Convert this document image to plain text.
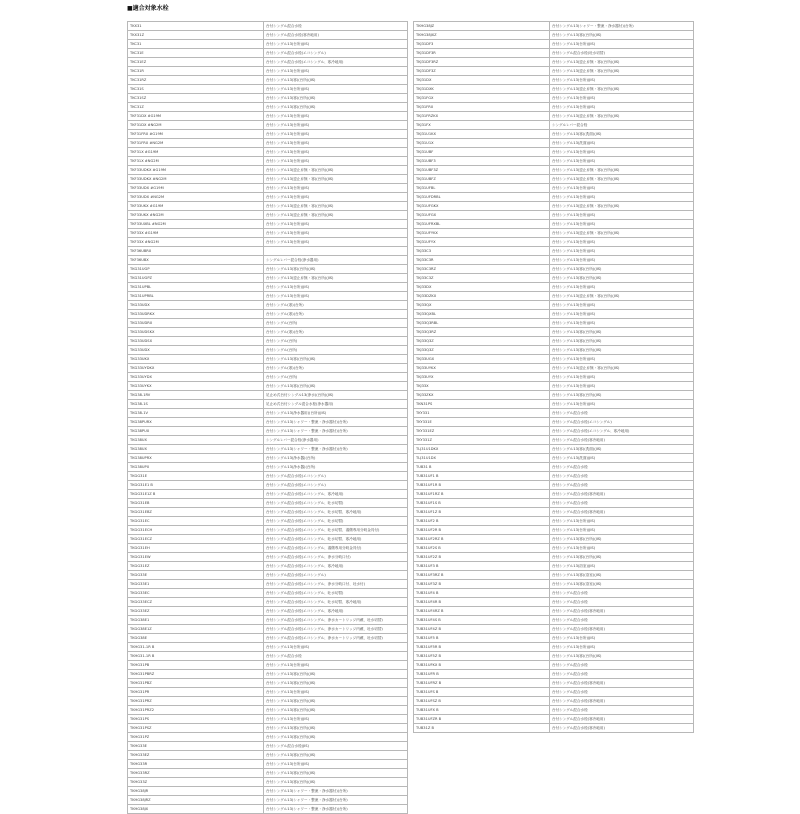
■適合対象水栓
TKX31	台付シングル混合水栓
TKX31Z	台付シングル混合水栓(寒冷地用)
TKC31	台付シングル13(台所)(JIS)
TKC31E	台付シングル混合水栓(エコシングル)
TKC31EZ	台付シングル混合水栓(エコシングル、寒冷地用)
TKC31R	台付シングル13(台所)(JIS)
TKC31RZ	台付シングル13(寒)(台所)(JIS)
TKC31S	台付シングル13(台所)(JIS)
TKC31SZ	台付シングル13(寒)(台所)(JIS)
TKC31Z	台付シングル13(寒)(台所)(JIS)
TKF31DX #G19M	台付シングル13(台所)(JIS)
TKF31DX #NG2M	台付シングル13(台所)(JIS)
TKF31FRX #G19M	台付シングル13(台所)(JIS)
TKF31FRX #NG2M	台付シングル13(台所)(JIS)
TKF31X #G19M	台付シングル13(台所)(JIS)
TKF31X #NG2M	台付シングル13(台所)(JIS)
TKF33UDKX #G19M	台付シングル13(逆止弁無・寒)(台所)(JIS)
TKF33UDKX #NG2M	台付シングル13(逆止弁無・寒)(台所)(JIS)
TKF33UDX #G19M	台付シングル13(台所)(JIS)
TKF33UDX #NG2M	台付シングル13(台所)(JIS)
TKF33UKX #G19M	台付シングル13(逆止弁無・寒)(台所)(JIS)
TKF33UKX #NG2M	台付シングル13(逆止弁無・寒)(台所)(JIS)
TKF33UXBL #NG2M	台付シングル13(台所)(JIS)
TKF33X #G19M	台付シングル13(台所)(JIS)
TKF33X #NG2M	台付シングル13(台所)(JIS)
TKF36UBRX	
TKF36UBX	シングルレバー混合栓(浄水器用)
TKG31UGP	台付シングル13(寒)(台所)(JIS)
TKG31UGPZ	台付シングル13(逆止弁無・寒)(台所)(JIS)
TKG31UPBL	台付シングル13(台所)(JIS)
TKG31UPRBL	台付シングル13(台所)(JIS)
TKG33UDX	台付シングル(寒)(台所)
TKG33UDRKX	台付シングル(寒)(台所)
TKG33UDRX	台付シングル(台所)
TKG33UDSKX	台付シングル(寒)(台所)
TKG33UDSX	台付シングル(台所)
TKG33UDX	台付シングル(台所)
TKG33UKX	台付シングル13(寒)(台所)(JIS)
TKG33UYDKX	台付シングル(寒)(台所)
TKG33UYDX	台付シングル(台所)
TKG33UYKX	台付シングル13(寒)(台所)(JIS)
TKG38-1RV	足止め式台付シングル13(浄水)(台所)(JIS)
TKG38-1S	足止め式台付シングル混合水栓(浄水器用)
TKG38-1V	台付シングル13(浄水器用)(台所)(JIS)
TKG38PURX	台付シングル13(シャワー・整流・浄水器付)(台所)
TKG38PUX	台付シングル13(シャワー・整流・浄水器付)(台所)
TKG38UX	シングルレバー混合栓(浄水器用)
TKG38UX	台付シングル13(シャワー・整流・浄水器付)(台所)
TKG38UPRX	台付シングル13(浄水器)(台所)
TKG38UPX	台付シングル13(浄水器)(台所)
TKGG31E	台付シングル混合水栓(エコシングル)
TKGG31E1 B	台付シングル混合水栓(エコシングル)
TKGG31E1Z B	台付シングル混合水栓(エコシングル、寒冷地用)
TKGG31EB	台付シングル混合水栓(エコシングル、吐水切替)
TKGG31EBZ	台付シングル混合水栓(エコシングル、吐水切替、寒冷地用)
TKGG31EC	台付シングル混合水栓(エコシングル、吐水切替)
TKGG31ECH	台付シングル混合水栓(エコシングル、吐水切替、湯側専用分岐金具付)
TKGG31ECZ	台付シングル混合水栓(エコシングル、吐水切替、寒冷地用)
TKGG31EH	台付シングル混合水栓(エコシングル、湯側専用分岐金具付)
TKGG31EW	台付シングル混合水栓(エコシングル、浄水分岐口付)
TKGG31EZ	台付シングル混合水栓(エコシングル、寒冷地用)
TKGG33E	台付シングル混合水栓(エコシングル)
TKGG33E1	台付シングル混合水栓(エコシングル、浄水分岐口付、吐水付)
TKGG33EC	台付シングル混合水栓(エコシングル、吐水切替)
TKGG33ECZ	台付シングル混合水栓(エコシングル、吐水切替、寒冷地用)
TKGG33EZ	台付シングル混合水栓(エコシングル、寒冷地用)
TKGG38E1	台付シングル混合水栓(エコシングル、浄水カートリッジ内蔵、吐水切替)
TKGG38E1Z	台付シングル混合水栓(エコシングル、浄水カートリッジ内蔵、吐水切替)
TKGG38E	台付シングル混合水栓(エコシングル、浄水カートリッジ内蔵、吐水切替)
TKHG31-1R B	台付シングル13(台所)(JIS)
TKHG31-1R B	台付シングル混合水栓
TKHG31PB	台付シングル13(台所)(JIS)
TKHG31PBRZ	台付シングル13(寒)(台所)(JIS)
TKHG31PBZ	台付シングル13(寒)(台所)(JIS)
TKHG31PR	台付シングル13(台所)(JIS)
TKHG31PRZ	台付シングル13(寒)(台所)(JIS)
TKHG31PRZ2	台付シングル13(寒)(台所)(JIS)
TKHG31PS	台付シングル13(台所)(JIS)
TKHG31PSZ	台付シングル13(寒)(台所)(JIS)
TKHG31PZ	台付シングル13(寒)(台所)(JIS)
TKHG33E	台付シングル混合水栓(JIS)
TKHG33EZ	台付シングル13(寒)(台所)(JIS)
TKHG33R	台付シングル13(台所)(JIS)
TKHG33RZ	台付シングル13(寒)(台所)(JIS)
TKHG33Z	台付シングル13(寒)(台所)(JIS)
TKHG38JR	台付シングル13(シャワー・整流・浄水器付)(台所)
TKHG38JRZ	台付シングル13(シャワー・整流・浄水器付)(台所)
TKHG38JX	台付シングル13(シャワー・整流・浄水器付)(台所)
TKHG38JZ	台付シングル13(シャワー・整流・浄水器付)(台所)
TKHG38JXZ	台付シングル13(寒)(台所)(JIS)
TKJ31DF3	台付シングル13(台所)(JIS)
TKJ31DF3R	台付シングル混合水栓(吐水切替)
TKJ31DF3RZ	台付シングル13(逆止弁無・寒)(台所)(JIS)
TKJ31DF3Z	台付シングル13(逆止弁無・寒)(台所)(JIS)
TKJ31DX	台付シングル13(台所)(JIS)
TKJ31DXK	台付シングル13(逆止弁無・寒)(台所)(JIS)
TKJ31FGX	台付シングル13(台所)(JIS)
TKJ31FRX	台付シングル13(台所)(JIS)
TKJ31FRZKX	台付シングル13(逆止弁無・寒)(台所)(JIS)
TKJ31FX	シングルレバー混合栓
TKJ31U1KX	台付シングル13(寒)(洗面)(JIS)
TKJ31U1X	台付シングル13(洗面)(JIS)
TKJ31UBF	台付シングル13(台所)(JIS)
TKJ31UBF3	台付シングル13(台所)(JIS)
TKJ31UBF3Z	台付シングル13(逆止弁無・寒)(台所)(JIS)
TKJ31UBFZ	台付シングル13(逆止弁無・寒)(台所)(JIS)
TKJ31UFBL	台付シングル13(台所)(JIS)
TKJ31UFDRBL	台付シングル13(台所)(JIS)
TKJ31UFGKX	台付シングル13(逆止弁無・寒)(台所)(JIS)
TKJ31UFGX	台付シングル13(台所)(JIS)
TKJ31UFRXBL	台付シングル13(台所)(JIS)
TKJ31UFYKX	台付シングル13(逆止弁無・寒)(台所)(JIS)
TKJ31UFYX	台付シングル13(台所)(JIS)
TKJ33C3	台付シングル13(台所)(JIS)
TKJ33C3R	台付シングル13(台所)(JIS)
TKJ33C3RZ	台付シングル13(寒)(台所)(JIS)
TKJ33C3Z	台付シングル13(寒)(台所)(JIS)
TKJ33DX	台付シングル13(台所)(JIS)
TKJ33DZKX	台付シングル13(逆止弁無・寒)(台所)(JIS)
TKJ33QX	台付シングル13(台所)(JIS)
TKJ33QXBL	台付シングル13(台所)(JIS)
TKJ33Q3RBL	台付シングル13(台所)(JIS)
TKJ33Q3RZ	台付シングル13(寒)(台所)(JIS)
TKJ33Q3Z	台付シングル13(寒)(台所)(JIS)
TKJ33Q3Z	台付シングル13(寒)(台所)(JIS)
TKJ33UGX	台付シングル13(台所)(JIS)
TKJ33UYKX	台付シングル13(逆止弁無・寒)(台所)(JIS)
TKJ33UYX	台付シングル13(台所)(JIS)
TKJ33X	台付シングル13(台所)(JIS)
TKJ33ZKX	台付シングル13(寒)(台所)(JIS)
TKN31PS	台付シングル13(台所)(JIS)
TKY331	台付シングル混合水栓
TKY331E	台付シングル混合水栓(エコシングル)
TKY331EZ	台付シングル混合水栓(エコシングル、寒冷地用)
TKY331Z	台付シングル混合水栓(寒冷地用)
TLJ31U1DKX	台付シングル13(寒)(洗面)(JIS)
TLJ31U1DX	台付シングル13(洗面)(JIS)
TUB31 B	台付シングル混合水栓
TUB31UF1 B	台付シングル混合水栓
TUB31UF1R B	台付シングル混合水栓
TUB31UF1RZ B	台付シングル混合水栓(寒冷地用)
TUB31UF1S B	台付シングル混合水栓
TUB31UF1Z B	台付シングル混合水栓(寒冷地用)
TUB31UF2 B	台付シングル13(台所)(JIS)
TUB31UF2R B	台付シングル13(台所)(JIS)
TUB31UF2RZ B	台付シングル13(寒)(台所)(JIS)
TUB31UF2S B	台付シングル13(台所)(JIS)
TUB31UF2Z B	台付シングル13(寒)(台所)(JIS)
TUB31UF3 B	台付シングル13(浴室)(JIS)
TUB31UF3RZ B	台付シングル13(寒)(浴室)(JIS)
TUB31UF3Z B	台付シングル13(寒)(浴室)(JIS)
TUB31UF4 B	台付シングル混合水栓
TUB31UF4R B	台付シングル混合水栓
TUB31UF4RZ B	台付シングル混合水栓(寒冷地用)
TUB31UF4S B	台付シングル混合水栓
TUB31UF4Z B	台付シングル混合水栓(寒冷地用)
TUB31UF5 B	台付シングル13(台所)(JIS)
TUB31UF5R B	台付シングル13(台所)(JIS)
TUB31UF5Z B	台付シングル13(寒)(台所)(JIS)
TUB31UFKX B	台付シングル混合水栓
TUB31UFR B	台付シングル混合水栓
TUB31UFRZ B	台付シングル混合水栓(寒冷地用)
TUB31UFS B	台付シングル混合水栓
TUB31UFSZ B	台付シングル混合水栓(寒冷地用)
TUB31UFX B	台付シングル混合水栓
TUB31UFZR B	台付シングル混合水栓(寒冷地用)
TUB31Z B	台付シングル混合水栓(寒冷地用)
